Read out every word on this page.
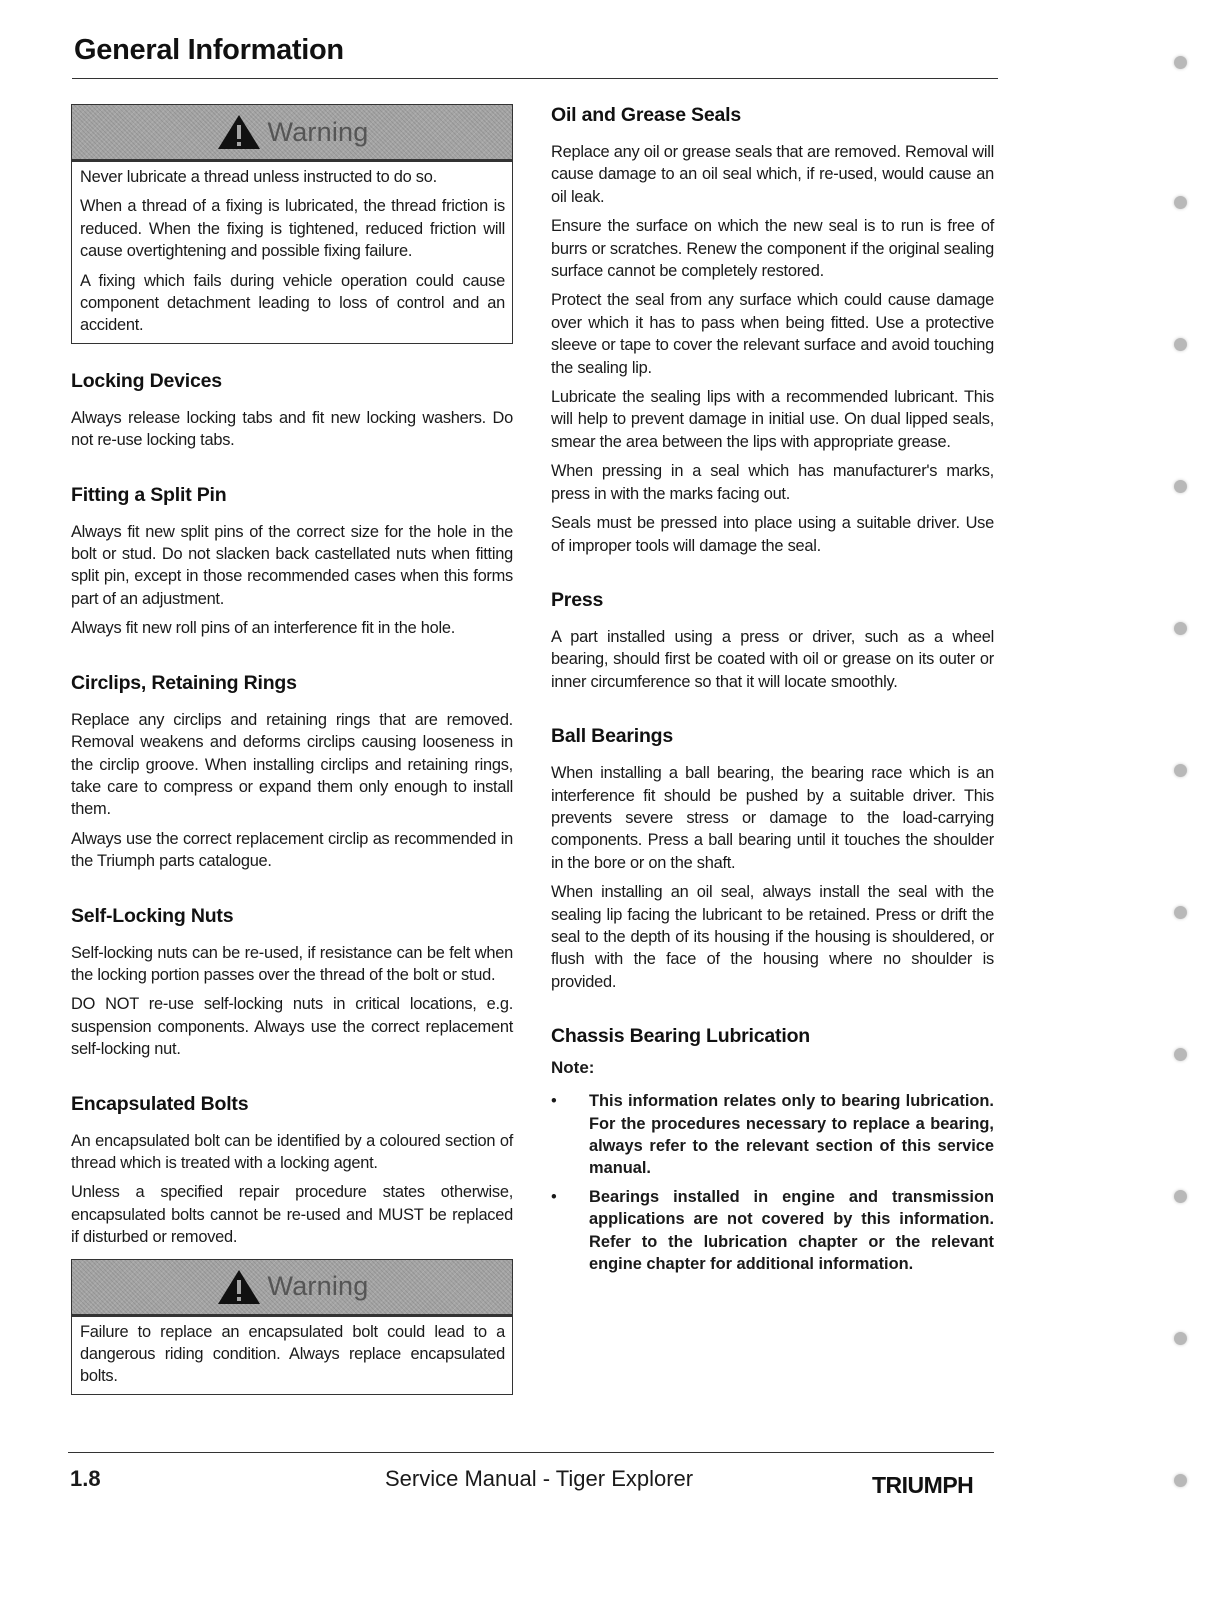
General Information
Warning

Never lubricate a thread unless instructed to do so.

When a thread of a fixing is lubricated, the thread friction is reduced. When the fixing is tightened, reduced friction will cause overtightening and possible fixing failure.

A fixing which fails during vehicle operation could cause component detachment leading to loss of control and an accident.

Locking Devices

Always release locking tabs and fit new locking washers. Do not re-use locking tabs.

Fitting a Split Pin

Always fit new split pins of the correct size for the hole in the bolt or stud. Do not slacken back castellated nuts when fitting split pin, except in those recommended cases when this forms part of an adjustment.

Always fit new roll pins of an interference fit in the hole.

Circlips, Retaining Rings

Replace any circlips and retaining rings that are removed. Removal weakens and deforms circlips causing looseness in the circlip groove. When installing circlips and retaining rings, take care to compress or expand them only enough to install them.

Always use the correct replacement circlip as recommended in the Triumph parts catalogue.

Self-Locking Nuts

Self-locking nuts can be re-used, if resistance can be felt when the locking portion passes over the thread of the bolt or stud.

DO NOT re-use self-locking nuts in critical locations, e.g. suspension components. Always use the correct replacement self-locking nut.

Encapsulated Bolts

An encapsulated bolt can be identified by a coloured section of thread which is treated with a locking agent.

Unless a specified repair procedure states otherwise, encapsulated bolts cannot be re-used and MUST be replaced if disturbed or removed.

Warning

Failure to replace an encapsulated bolt could lead to a dangerous riding condition. Always replace encapsulated bolts.

Oil and Grease Seals

Replace any oil or grease seals that are removed. Removal will cause damage to an oil seal which, if re-used, would cause an oil leak.

Ensure the surface on which the new seal is to run is free of burrs or scratches. Renew the component if the original sealing surface cannot be completely restored.

Protect the seal from any surface which could cause damage over which it has to pass when being fitted. Use a protective sleeve or tape to cover the relevant surface and avoid touching the sealing lip.

Lubricate the sealing lips with a recommended lubricant. This will help to prevent damage in initial use. On dual lipped seals, smear the area between the lips with appropriate grease.

When pressing in a seal which has manufacturer's marks, press in with the marks facing out.

Seals must be pressed into place using a suitable driver. Use of improper tools will damage the seal.

Press

A part installed using a press or driver, such as a wheel bearing, should first be coated with oil or grease on its outer or inner circumference so that it will locate smoothly.

Ball Bearings

When installing a ball bearing, the bearing race which is an interference fit should be pushed by a suitable driver. This prevents severe stress or damage to the load-carrying components. Press a ball bearing until it touches the shoulder in the bore or on the shaft.

When installing an oil seal, always install the seal with the sealing lip facing the lubricant to be retained. Press or drift the seal to the depth of its housing if the housing is shouldered, or flush with the face of the housing where no shoulder is provided.

Chassis Bearing Lubrication
Note:
• This information relates only to bearing lubrication. For the procedures necessary to replace a bearing, always refer to the relevant section of this service manual.
• Bearings installed in engine and transmission applications are not covered by this information. Refer to the lubrication chapter or the relevant engine chapter for additional information.

1.8	Service Manual - Tiger Explorer	TRIUMPH
